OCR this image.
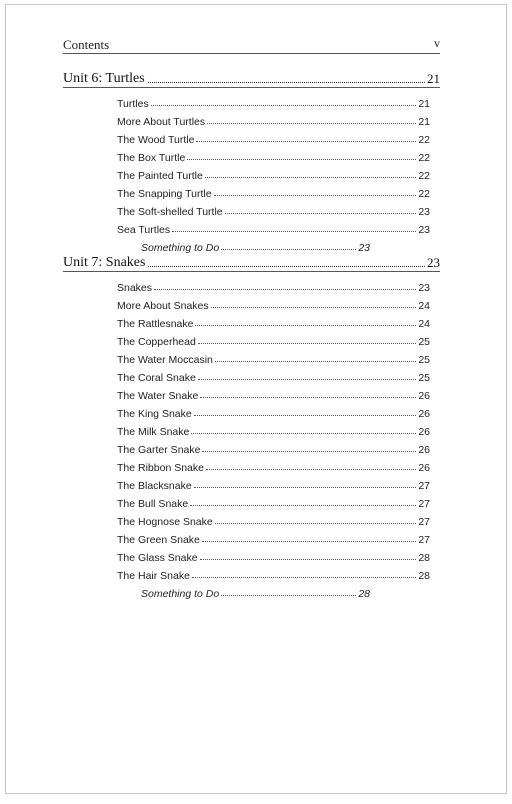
Contents	v
Unit 6: Turtles	21
Turtles	21
More About Turtles	21
The Wood Turtle	22
The Box Turtle	22
The Painted Turtle	22
The Snapping Turtle	22
The Soft-shelled Turtle	23
Sea Turtles	23
Something to Do	23
Unit 7: Snakes	23
Snakes	23
More About Snakes	24
The Rattlesnake	24
The Copperhead	25
The Water Moccasin	25
The Coral Snake	25
The Water Snake	26
The King Snake	26
The Milk Snake	26
The Garter Snake	26
The Ribbon Snake	26
The Blacksnake	27
The Bull Snake	27
The Hognose Snake	27
The Green Snake	27
The Glass Snake	28
The Hair Snake	28
Something to Do	28
